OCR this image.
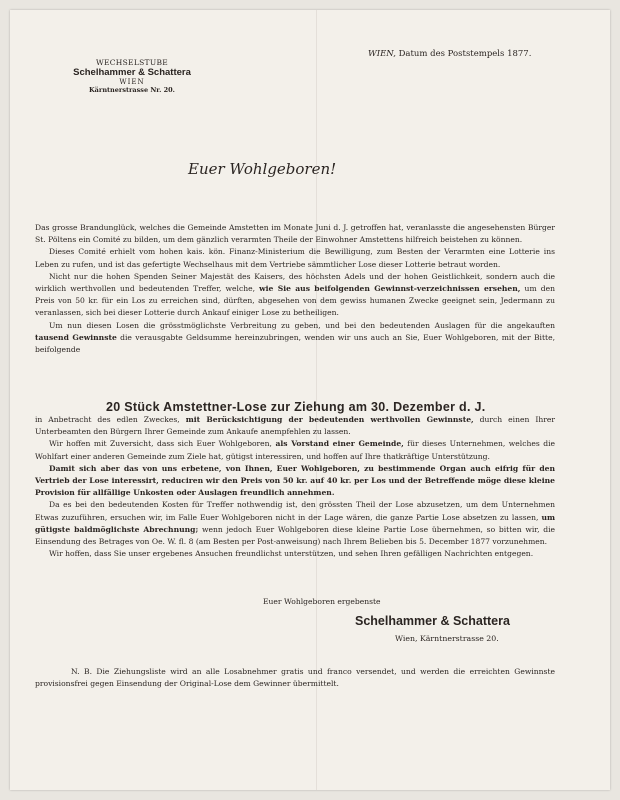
WECHSELSTUBE
Schelhammer & Schattera
WIEN
Kärntnerstrasse Nr. 20.
WIEN, Datum des Poststempels 1877.
Euer Wohlgeboren!

Das grosse Brandunglück, welches die Gemeinde Amstetten im Monate Juni d. J. getroffen hat, veranlasste die angesehensten Bürger St. Pöltens ein Comité zu bilden, um dem gänzlich verarmten Theile der Einwohner Amstettens hilfreich beistehen zu können.

Dieses Comité erhielt vom hohen kais. kön. Finanz-Ministerium die Bewilligung, zum Besten der Verarmten eine Lotterie ins Leben zu rufen, und ist das gefertigte Wechselhaus mit dem Vertriebe sämmtlicher Lose dieser Lotterie betraut worden.

Nicht nur die hohen Spenden Seiner Majestät des Kaisers, des höchsten Adels und der hohen Geistlichkeit, sondern auch die wirklich werthvollen und bedeutenden Treffer, welche, wie Sie aus beifolgenden Gewinnst-verzeichnissen ersehen, um den Preis von 50 kr. für ein Los zu erreichen sind, dürften, abgesehen von dem gewiss humanen Zwecke geeignet sein, Jedermann zu veranlassen, sich bei dieser Lotterie durch Ankauf einiger Lose zu betheiligen.

Um nun diesen Losen die grösstmöglichste Verbreitung zu geben, und bei den bedeutenden Auslagen für die angekauften tausend Gewinnste die verausgabte Geldsumme hereinzubringen, wenden wir uns auch an Sie, Euer Wohlgeboren, mit der Bitte, beifolgende

20 Stück Amstettner-Lose zur Ziehung am 30. Dezember d. J.

in Anbetracht des edlen Zweckes, mit Berücksichtigung der bedeutenden werthvollen Gewinnste, durch einen Ihrer Unterbeamten den Bürgern Ihrer Gemeinde zum Ankaufe anempfehlen zu lassen.

Wir hoffen mit Zuversicht, dass sich Euer Wohlgeboren, als Vorstand einer Gemeinde, für dieses Unternehmen, welches die Wohlfart einer anderen Gemeinde zum Ziele hat, gütigst interessiren, und hoffen auf Ihre thatkräftige Unterstützung.

Damit sich aber das von uns erbetene, von Ihnen, Euer Wohlgeboren, zu bestimmende Organ auch eifrig für den Vertrieb der Lose interessirt, reduciren wir den Preis von 50 kr. auf 40 kr. per Los und der Betreffende möge diese kleine Provision für allfällige Unkosten oder Auslagen freundlich annehmen.

Da es bei den bedeutenden Kosten für Treffer nothwendig ist, den grössten Theil der Lose abzusetzen, um dem Unternehmen Etwas zuzuführen, ersuchen wir, im Falle Euer Wohlgeboren nicht in der Lage wären, die ganze Partie Lose absetzen zu lassen, um gütigste baldmöglichste Abrechnung; wenn jedoch Euer Wohlgeboren diese kleine Partie Lose übernehmen, so bitten wir, die Einsendung des Betrages von Oe. W. fl. 8 (am Besten per Post-anweisung) nach Ihrem Belieben bis 5. December 1877 vorzunehmen.

Wir hoffen, dass Sie unser ergebenes Ansuchen freundlichst unterstützen, und sehen Ihren gefälligen Nachrichten entgegen.

Euer Wohlgeboren ergebenste
Schelhammer & Schattera
Wien, Kärntnerstrasse 20.
N. B. Die Ziehungsliste wird an alle Losabnehmer gratis und franco versendet, und werden die erreichten Gewinnste provisionsfrei gegen Einsendung der Original-Lose dem Gewinner übermittelt.
